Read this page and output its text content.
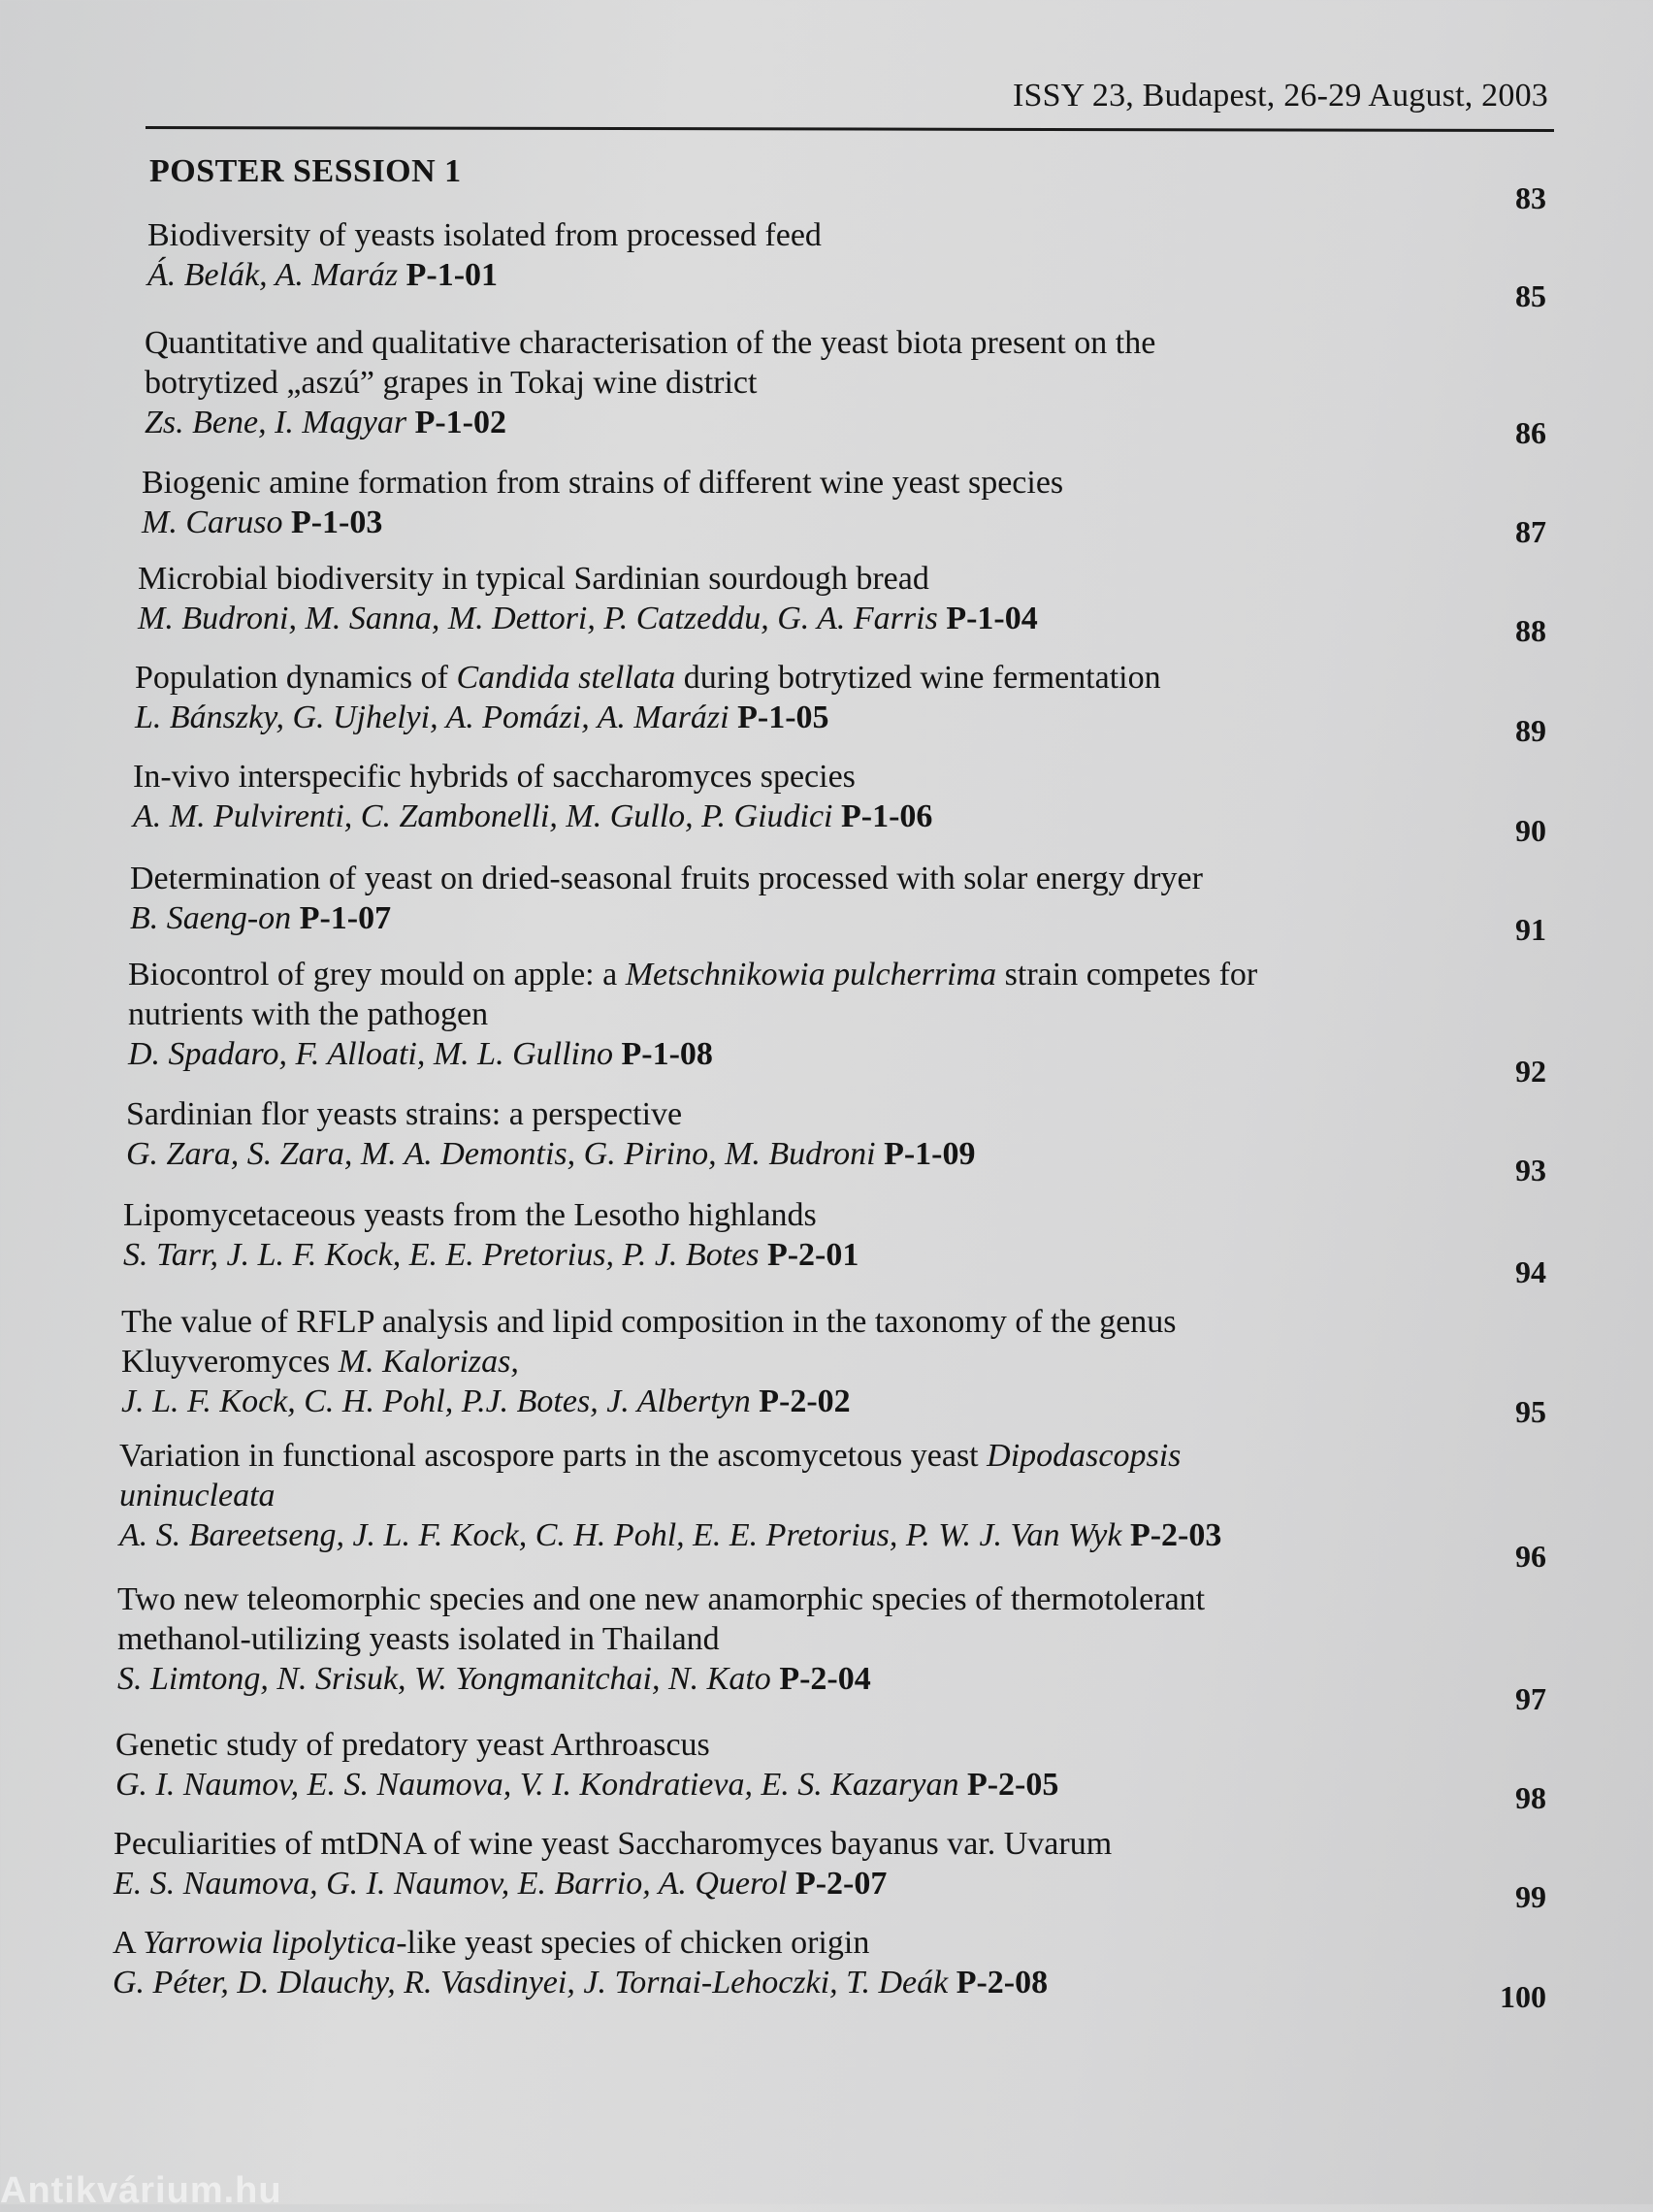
ISSY 23, Budapest, 26-29 August, 2003
POSTER SESSION 1
Biodiversity of yeasts isolated from processed feed
Á. Belák, A. Maráz P-1-01
83
Quantitative and qualitative characterisation of the yeast biota present on the botrytized „aszú” grapes in Tokaj wine district
Zs. Bene, I. Magyar P-1-02
85
Biogenic amine formation from strains of different wine yeast species
M. Caruso P-1-03
86
Microbial biodiversity in typical Sardinian sourdough bread
M. Budroni, M. Sanna, M. Dettori, P. Catzeddu, G. A. Farris P-1-04
87
Population dynamics of Candida stellata during botrytized wine fermentation
L. Bánszky, G. Ujhelyi, A. Pomázi, A. Marázi P-1-05
88
In-vivo interspecific hybrids of saccharomyces species
A. M. Pulvirenti, C. Zambonelli, M. Gullo, P. Giudici P-1-06
89
Determination of yeast on dried-seasonal fruits processed with solar energy dryer
B. Saeng-on P-1-07
90
Biocontrol of grey mould on apple: a Metschnikowia pulcherrima strain competes for nutrients with the pathogen
D. Spadaro, F. Alloati, M. L. Gullino P-1-08
91
Sardinian flor yeasts strains: a perspective
G. Zara, S. Zara, M. A. Demontis, G. Pirino, M. Budroni P-1-09
92
Lipomycetaceous yeasts from the Lesotho highlands
S. Tarr, J. L. F. Kock, E. E. Pretorius, P. J. Botes P-2-01
93
The value of RFLP analysis and lipid composition in the taxonomy of the genus Kluyveromyces M. Kalorizas,
J. L. F. Kock, C. H. Pohl, P.J. Botes, J. Albertyn P-2-02
94
Variation in functional ascospore parts in the ascomycetous yeast Dipodascopsis uninucleata
A. S. Bareetseng, J. L. F. Kock, C. H. Pohl, E. E. Pretorius, P. W. J. Van Wyk P-2-03
95
Two new teleomorphic species and one new anamorphic species of thermotolerant methanol-utilizing yeasts isolated in Thailand
S. Limtong, N. Srisuk, W. Yongmanitchai, N. Kato P-2-04
96
Genetic study of predatory yeast Arthroascus
G. I. Naumov, E. S. Naumova, V. I. Kondratieva, E. S. Kazaryan P-2-05
97
Peculiarities of mtDNA of wine yeast Saccharomyces bayanus var. Uvarum
E. S. Naumova, G. I. Naumov, E. Barrio, A. Querol P-2-07
98
A Yarrowia lipolytica-like yeast species of chicken origin
G. Péter, D. Dlauchy, R. Vasdinyei, J. Tornai-Lehoczki, T. Deák P-2-08
99
100
Antikvárium.hu
